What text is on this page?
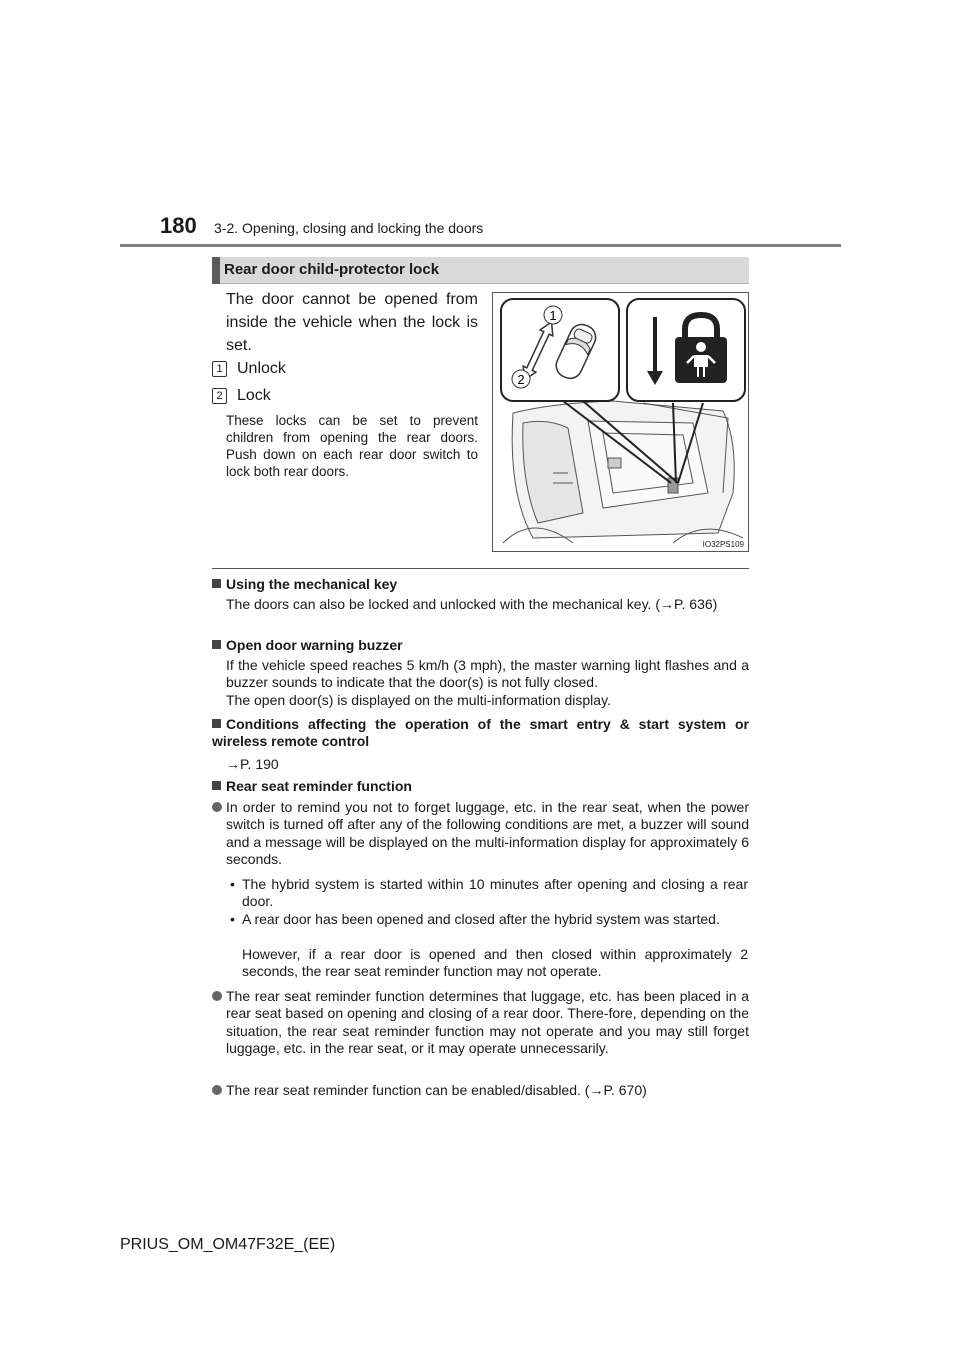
180 3-2. Opening, closing and locking the doors
Rear door child-protector lock
The door cannot be opened from inside the vehicle when the lock is set.
1 Unlock
2 Lock
These locks can be set to prevent children from opening the rear doors. Push down on each rear door switch to lock both rear doors.
1
2
IO32PS109
Using the mechanical key
The doors can also be locked and unlocked with the mechanical key. (→P. 636)
Open door warning buzzer
If the vehicle speed reaches 5 km/h (3 mph), the master warning light flashes and a buzzer sounds to indicate that the door(s) is not fully closed.
The open door(s) is displayed on the multi-information display.
Conditions affecting the operation of the smart entry & start system or wireless remote control
→P. 190
Rear seat reminder function
In order to remind you not to forget luggage, etc. in the rear seat, when the power switch is turned off after any of the following conditions are met, a buzzer will sound and a message will be displayed on the multi-information display for approximately 6 seconds.
• The hybrid system is started within 10 minutes after opening and closing a rear door.
• A rear door has been opened and closed after the hybrid system was started.
However, if a rear door is opened and then closed within approximately 2 seconds, the rear seat reminder function may not operate.
The rear seat reminder function determines that luggage, etc. has been placed in a rear seat based on opening and closing of a rear door. There-fore, depending on the situation, the rear seat reminder function may not operate and you may still forget luggage, etc. in the rear seat, or it may operate unnecessarily.
The rear seat reminder function can be enabled/disabled. (→P. 670)
PRIUS_OM_OM47F32E_(EE)
